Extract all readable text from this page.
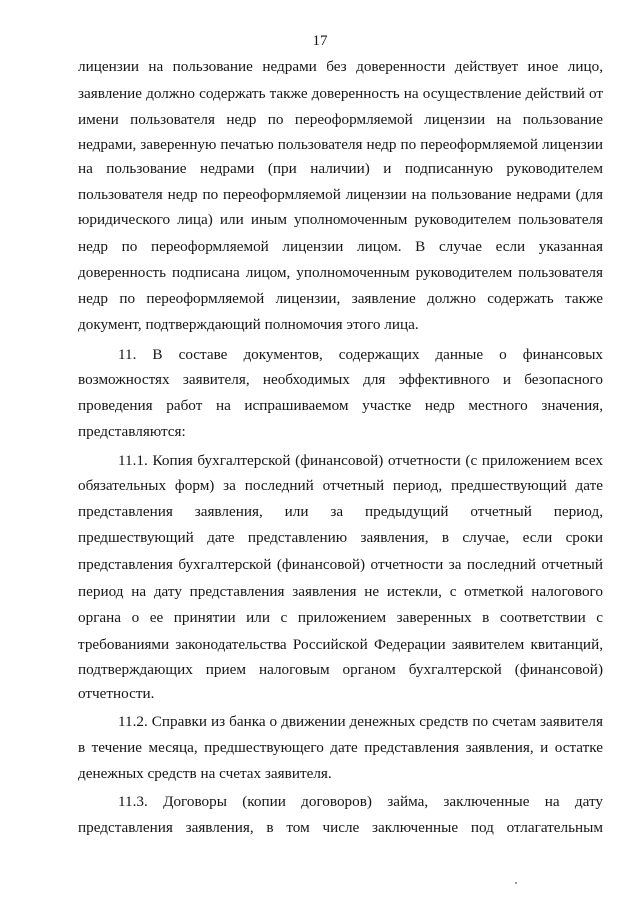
17
лицензии на пользование недрами без доверенности действует иное лицо,
заявление должно содержать также доверенность на осуществление действий от
имени пользователя недр по переоформляемой лицензии на пользование
недрами, заверенную печатью пользователя недр по переоформляемой лицензии
на пользование недрами (при наличии) и подписанную руководителем
пользователя недр по переоформляемой лицензии на пользование недрами (для
юридического лица) или иным уполномоченным руководителем пользователя
недр по переоформляемой лицензии лицом. В случае если указанная
доверенность подписана лицом, уполномоченным руководителем пользователя
недр по переоформляемой лицензии, заявление должно содержать также
документ, подтверждающий полномочия этого лица.
11. В составе документов, содержащих данные о финансовых
возможностях заявителя, необходимых для эффективного и безопасного
проведения работ на испрашиваемом участке недр местного значения,
представляются:
11.1. Копия бухгалтерской (финансовой) отчетности (с приложением всех
обязательных форм) за последний отчетный период, предшествующий дате
представления заявления, или за предыдущий отчетный период,
предшествующий дате представлению заявления, в случае, если сроки
представления бухгалтерской (финансовой) отчетности за последний отчетный
период на дату представления заявления не истекли, с отметкой налогового
органа о ее принятии или с приложением заверенных в соответствии с
требованиями законодательства Российской Федерации заявителем квитанций,
подтверждающих прием налоговым органом бухгалтерской (финансовой)
отчетности.
11.2. Справки из банка о движении денежных средств по счетам заявителя
в течение месяца, предшествующего дате представления заявления, и остатке
денежных средств на счетах заявителя.
11.3. Договоры (копии договоров) займа, заключенные на дату
представления заявления, в том числе заключенные под отлагательным
